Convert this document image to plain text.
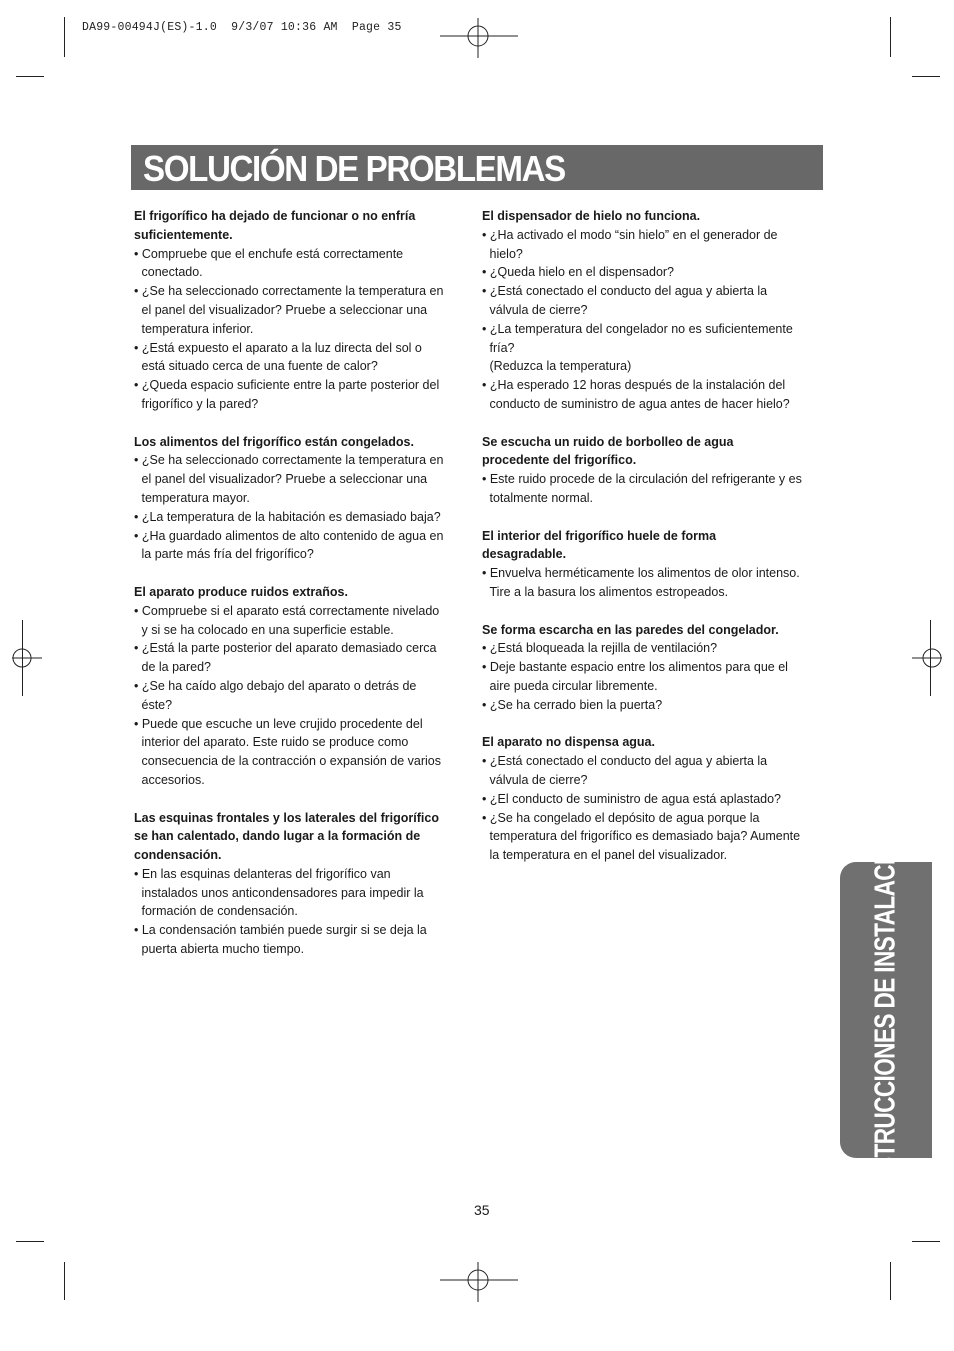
DA99-00494J(ES)-1.0  9/3/07 10:36 AM  Page 35
SOLUCIÓN DE PROBLEMAS
El frigorífico ha dejado de funcionar o no enfría suficientemente.
• Compruebe que el enchufe está correctamente conectado.
• ¿Se ha seleccionado correctamente la temperatura en el panel del visualizador? Pruebe a seleccionar una temperatura inferior.
• ¿Está expuesto el aparato a la luz directa del sol o está situado cerca de una fuente de calor?
• ¿Queda espacio suficiente entre la parte posterior del frigorífico y la pared?
Los alimentos del frigorífico están congelados.
• ¿Se ha seleccionado correctamente la temperatura en el panel del visualizador? Pruebe a seleccionar una temperatura mayor.
• ¿La temperatura de la habitación es demasiado baja?
• ¿Ha guardado alimentos de alto contenido de agua en la parte más fría del frigorífico?
El aparato produce ruidos extraños.
• Compruebe si el aparato está correctamente nivelado y si se ha colocado en una superficie estable.
• ¿Está la parte posterior del aparato demasiado cerca de la pared?
• ¿Se ha caído algo debajo del aparato o detrás de éste?
• Puede que escuche un leve crujido procedente del interior del aparato. Este ruido se produce como consecuencia de la contracción o expansión de varios accesorios.
Las esquinas frontales y los laterales del frigorífico se han calentado, dando lugar a la formación de condensación.
• En las esquinas delanteras del frigorífico van instalados unos anticondensadores para impedir la formación de condensación.
• La condensación también puede surgir si se deja la puerta abierta mucho tiempo.
El dispensador de hielo no funciona.
• ¿Ha activado el modo “sin hielo” en el generador de hielo?
• ¿Queda hielo en el dispensador?
• ¿Está conectado el conducto del agua y abierta la válvula de cierre?
• ¿La temperatura del congelador no es suficientemente fría?
(Reduzca la temperatura)
• ¿Ha esperado 12 horas después de la instalación del conducto de suministro de agua antes de hacer hielo?
Se escucha un ruido de borbolleo de agua procedente del frigorífico.
• Este ruido procede de la circulación del refrigerante y es totalmente normal.
El interior del frigorífico huele de forma desagradable.
• Envuelva herméticamente los alimentos de olor intenso. Tire a la basura los alimentos estropeados.
Se forma escarcha en las paredes del congelador.
• ¿Está bloqueada la rejilla de ventilación?
• Deje bastante espacio entre los alimentos para que el aire pueda circular libremente.
• ¿Se ha cerrado bien la puerta?
El aparato no dispensa agua.
• ¿Está conectado el conducto del agua y abierta la válvula de cierre?
• ¿El conducto de suministro de agua está aplastado?
• ¿Se ha congelado el depósito de agua porque la temperatura del frigorífico es demasiado baja? Aumente la temperatura en el panel del visualizador.	INSTRUCCIONES DE INSTALACIÓN
35
